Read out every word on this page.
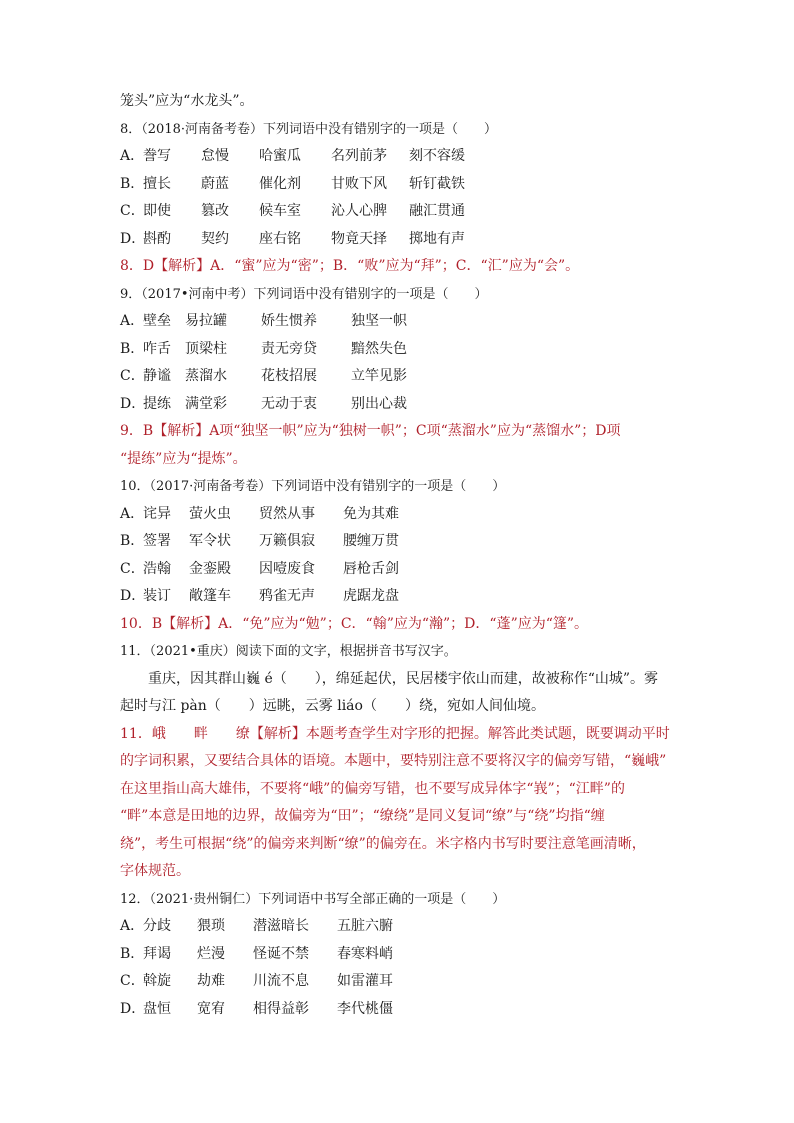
笼头”应为“水龙头”。
8．（2018·河南备考卷）下列词语中没有错别字的一项是（　　）
A．
誊写	怠慢	哈蜜瓜	名列前茅	刻不容缓
B．
擅长	蔚蓝	催化剂	甘败下风	斩钉截铁
C．
即使	篡改	候车室	沁人心脾	融汇贯通
D．
斟酌	契约	座右铭	物竟天择	掷地有声
8．D【解析】A．“蜜”应为“密”；B．“败”应为“拜”；C．“汇”应为“会”。
9．（2017•河南中考）下列词语中没有错别字的一项是（　　）
A．
壁垒	易拉罐	娇生惯养	独坚一帜
B．
咋舌	顶梁柱	责无旁贷	黯然失色
C．
静谧	蒸溜水	花枝招展	立竿见影
D．
提练	满堂彩	无动于衷	别出心裁
9．B【解析】A项“独坚一帜”应为“独树一帜”；C项“蒸溜水”应为“蒸馏水”；D项
“提练”应为“提炼”。
10．（2017·河南备考卷）下列词语中没有错别字的一项是（　　）
A．
诧异	萤火虫	贸然从事	免为其难
B．
签署	军令状	万籁俱寂	腰缠万贯
C．
浩翰	金銮殿	因噎废食	唇枪舌剑
D．
装订	敞篷车	鸦雀无声	虎踞龙盘
10．B【解析】A．“免”应为“勉”；C．“翰”应为“瀚”；D．“蓬”应为“篷”。
11．（2021•重庆）阅读下面的文字，根据拼音书写汉字。
重庆，因其群山巍 é（　　），绵延起伏，民居楼宇依山而建，故被称作“山城”。雾
起时与江 pàn（　　）远眺，云雾 liáo（　　）绕，宛如人间仙境。
11．峨　　畔　　缭【解析】本题考查学生对字形的把握。解答此类试题，既要调动平时
的字词积累，又要结合具体的语境。本题中，要特别注意不要将汉字的偏旁写错，“巍峨”
在这里指山高大雄伟，不要将“峨”的偏旁写错，也不要写成异体字“峩”；“江畔”的
“畔”本意是田地的边界，故偏旁为“田”；“缭绕”是同义复词“缭”与“绕”均指“缠
绕”，考生可根据“绕”的偏旁来判断“缭”的偏旁在。米字格内书写时要注意笔画清晰，
字体规范。
12．（2021·贵州铜仁）下列词语中书写全部正确的一项是（　　）
A．
分歧	猥琐	潜滋暗长	五脏六腑
B．
拜谒	烂漫	怪诞不禁	春寒料峭
C．
斡旋	劫难	川流不息	如雷灌耳
D．
盘恒	宽宥	相得益彰	李代桃僵
